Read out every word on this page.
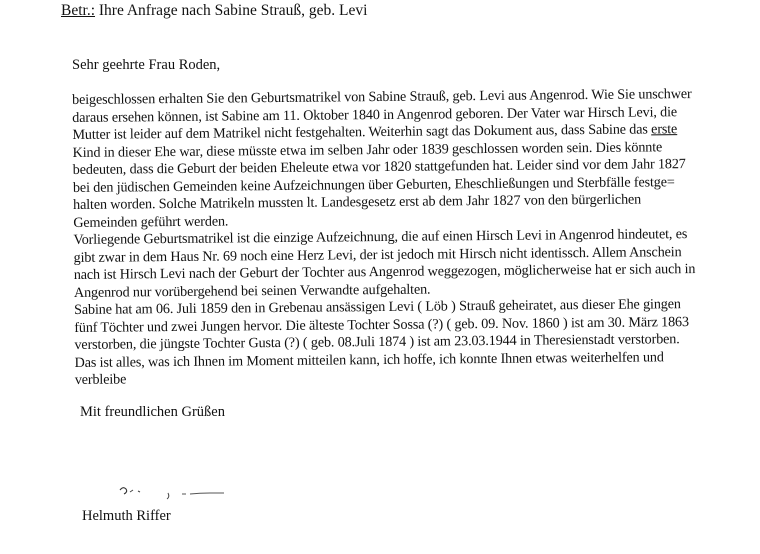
Betr.: Ihre Anfrage nach Sabine Strauß, geb. Levi
Sehr geehrte Frau Roden,
beigeschlossen erhalten Sie den Geburtsmatrikel von Sabine Strauß, geb. Levi aus Angenrod. Wie Sie unschwer
daraus ersehen können, ist Sabine am 11. Oktober 1840 in Angenrod geboren. Der Vater war Hirsch Levi, die
Mutter ist leider auf dem Matrikel nicht festgehalten. Weiterhin sagt das Dokument aus, dass Sabine das erste
Kind in dieser Ehe war, diese müsste etwa im selben Jahr oder 1839 geschlossen worden sein. Dies könnte
bedeuten, dass die Geburt der beiden Eheleute etwa vor 1820 stattgefunden hat. Leider sind vor dem Jahr 1827
bei den jüdischen Gemeinden keine Aufzeichnungen über Geburten, Eheschließungen und Sterbfälle festge=
halten worden. Solche Matrikeln mussten lt. Landesgesetz erst ab dem Jahr 1827 von den bürgerlichen
Gemeinden geführt werden.
Vorliegende Geburtsmatrikel ist die einzige Aufzeichnung, die auf einen Hirsch Levi in Angenrod hindeutet, es
gibt zwar in dem Haus Nr. 69 noch eine Herz Levi, der ist jedoch mit Hirsch nicht identissch. Allem Anschein
nach ist Hirsch Levi nach der Geburt der Tochter aus Angenrod weggezogen, möglicherweise hat er sich auch in
Angenrod nur vorübergehend bei seinen Verwandte aufgehalten.
Sabine hat am 06. Juli 1859 den in Grebenau ansässigen Levi ( Löb ) Strauß geheiratet, aus dieser Ehe gingen
fünf Töchter und zwei Jungen hervor. Die älteste Tochter Sossa (?) ( geb. 09. Nov. 1860 ) ist am 30. März 1863
verstorben, die jüngste Tochter Gusta (?) ( geb. 08.Juli 1874 ) ist am 23.03.1944 in Theresienstadt verstorben.
Das ist alles, was ich Ihnen im Moment mitteilen kann, ich hoffe, ich konnte Ihnen etwas weiterhelfen und
verbleibe
Mit freundlichen Grüßen
Helmuth Riffer
